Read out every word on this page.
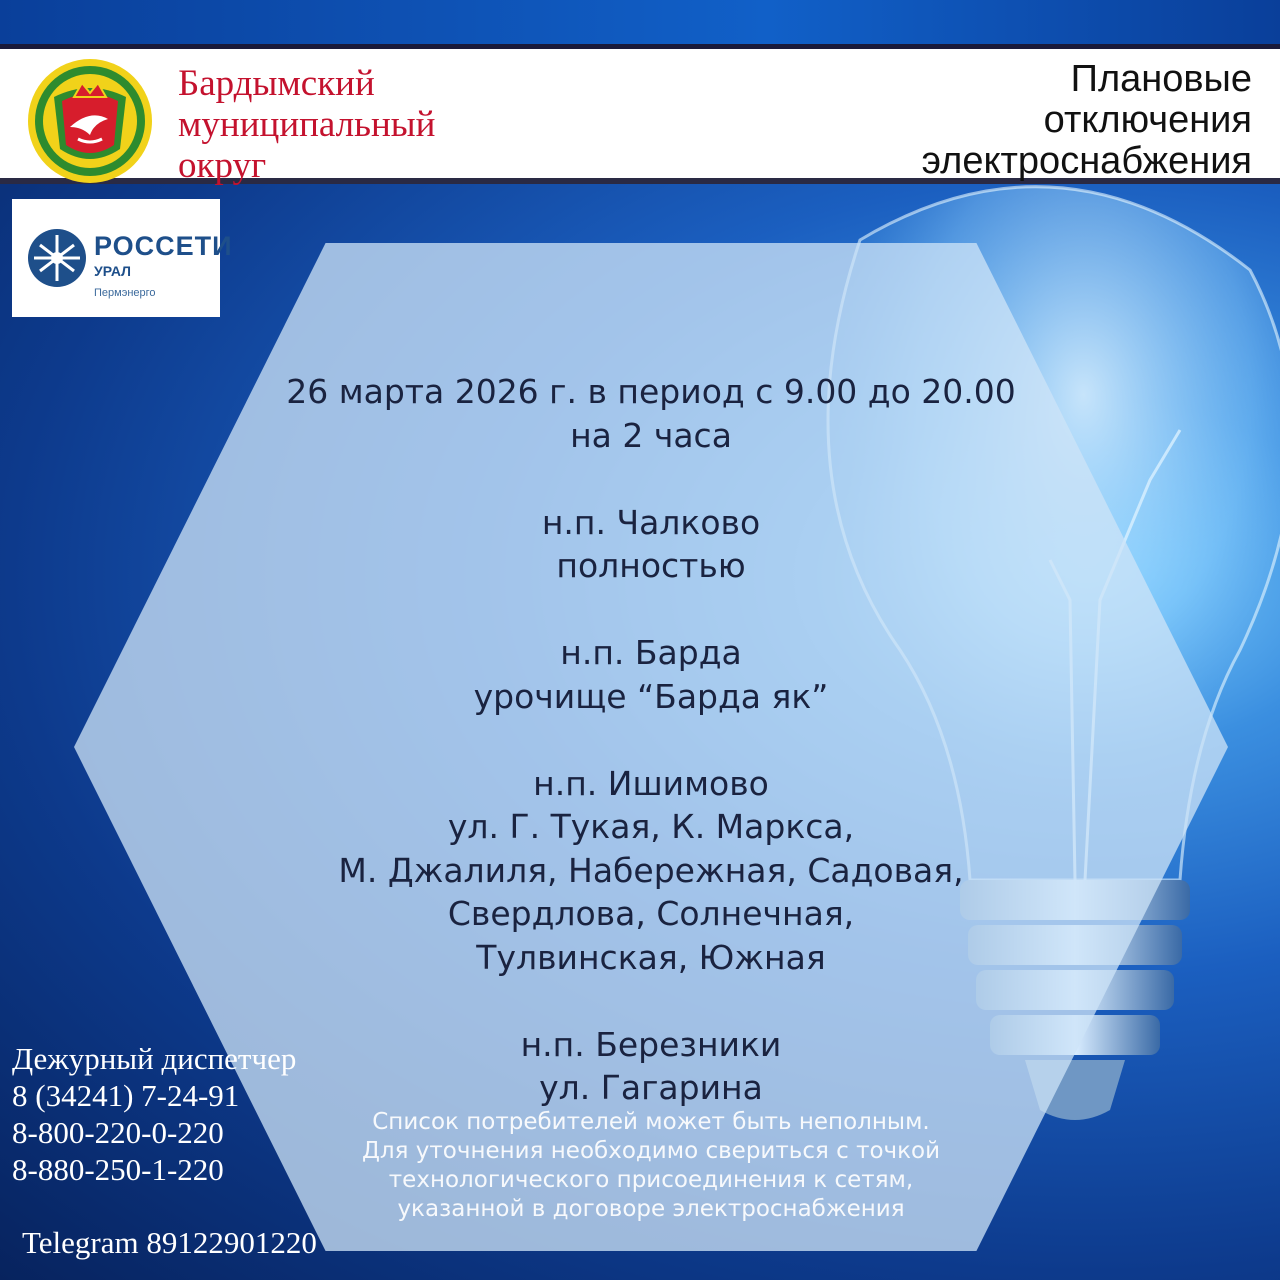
Бардымский
муниципальный
округ
Плановые
отключения
электроснабжения
РОССЕТИ
УРАЛ
Пермэнерго
26 марта 2026 г. в период с 9.00 до 20.00
на 2 часа
н.п. Чалково
полностью
н.п. Барда
урочище “Барда як”
н.п. Ишимово
ул. Г. Тукая, К. Маркса,
М. Джалиля, Набережная, Садовая,
Свердлова, Солнечная,
Тулвинская, Южная
н.п. Березники
ул. Гагарина
Список потребителей может быть неполным.
Для уточнения необходимо свериться с точкой
технологического присоединения к сетям,
указанной в договоре электроснабжения
Дежурный диспетчер
8 (34241) 7-24-91
8-800-220-0-220
8-880-250-1-220
Telegram 89122901220
